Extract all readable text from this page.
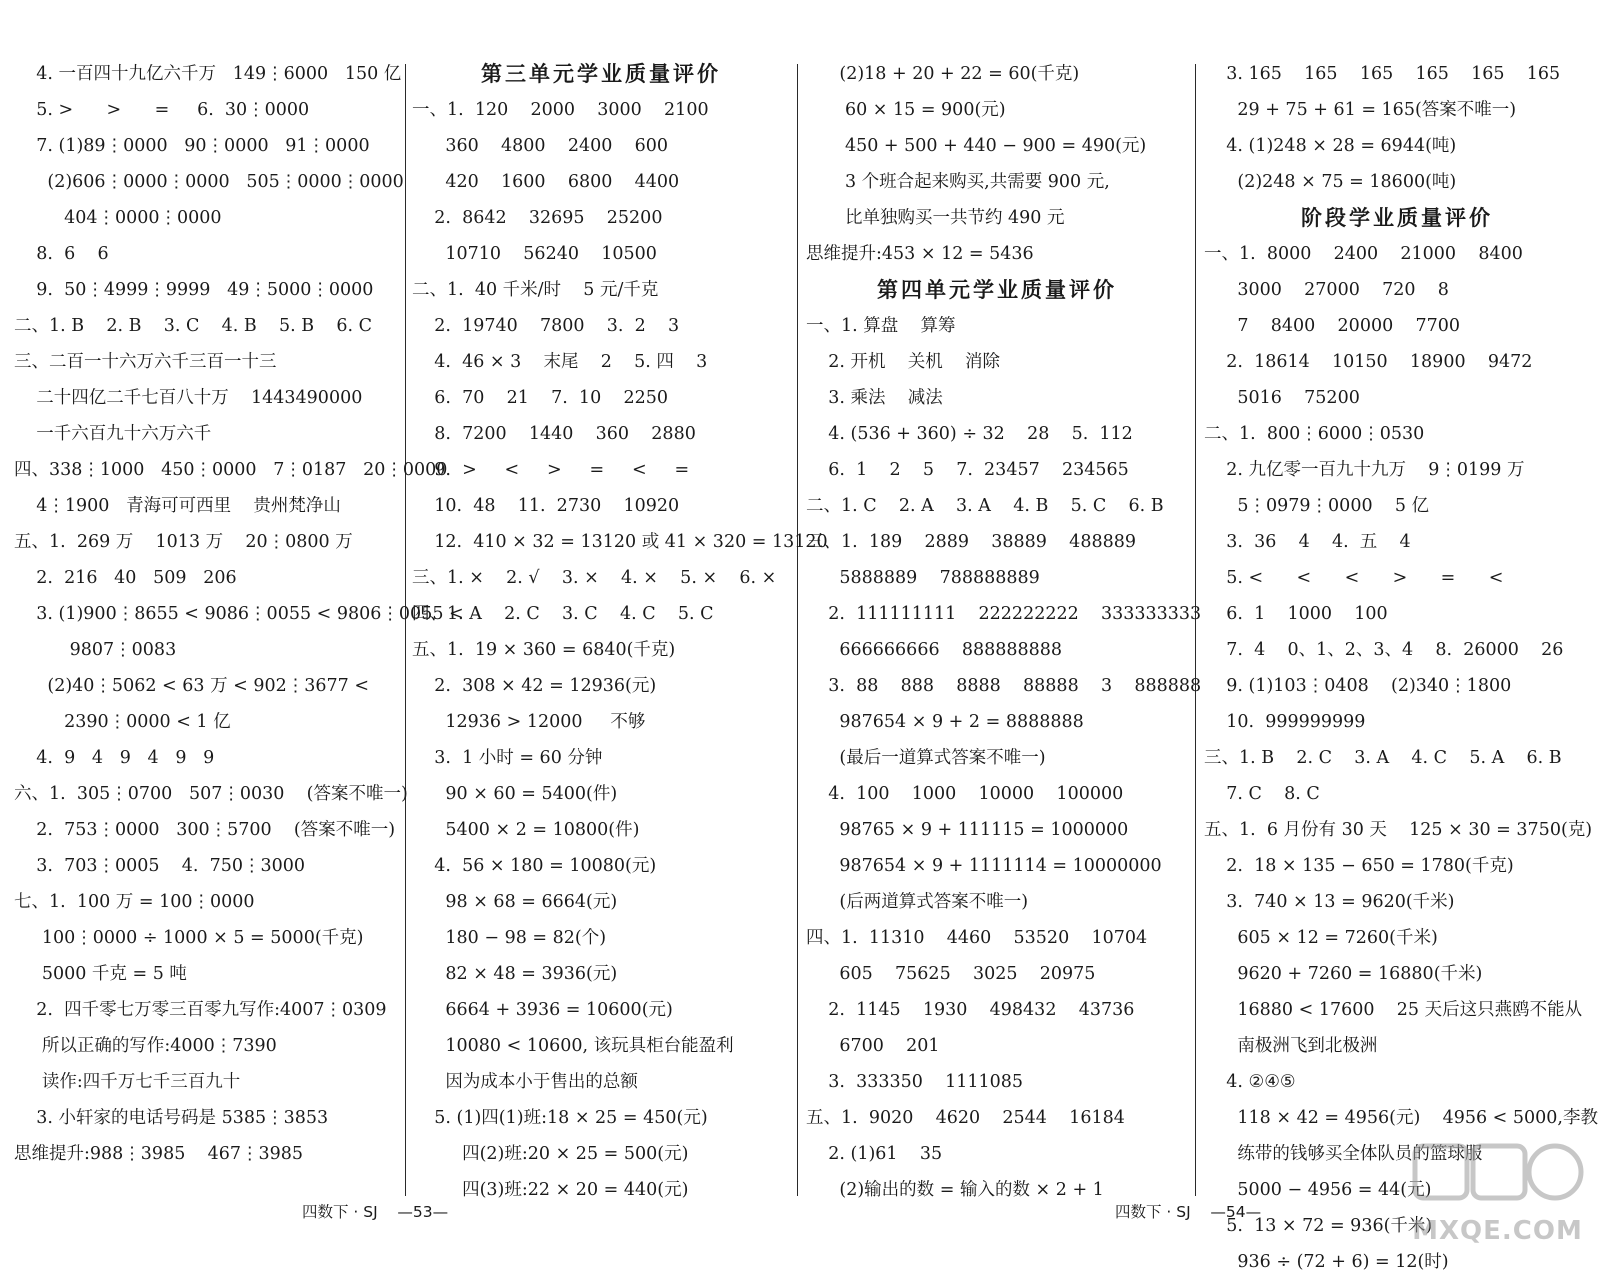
4. 一百四十九亿六千万   149⋮6000   150 亿
5. >      >      =     6.  30⋮0000
7. (1)89⋮0000   90⋮0000   91⋮0000
(2)606⋮0000⋮0000   505⋮0000⋮0000
404⋮0000⋮0000
8.  6    6
9.  50⋮4999⋮9999   49⋮5000⋮0000
二、1. B    2. B    3. C    4. B    5. B    6. C
三、二百一十六万六千三百一十三
二十四亿二千七百八十万    1443490000
一千六百九十六万六千
四、338⋮1000   450⋮0000   7⋮0187   20⋮0000
4⋮1900   青海可可西里    贵州梵净山
五、1.  269 万    1013 万    20⋮0800 万
2.  216   40   509   206
3. (1)900⋮8655 < 9086⋮0055 < 9806⋮0055 <
9807⋮0083
(2)40⋮5062 < 63 万 < 902⋮3677 <
2390⋮0000 < 1 亿
4.  9   4   9   4   9   9
六、1.  305⋮0700   507⋮0030    (答案不唯一)
2.  753⋮0000   300⋮5700    (答案不唯一)
3.  703⋮0005    4.  750⋮3000
七、1.  100 万 = 100⋮0000
100⋮0000 ÷ 1000 × 5 = 5000(千克)
5000 千克 = 5 吨
2.  四千零七万零三百零九写作:4007⋮0309
所以正确的写作:4000⋮7390
读作:四千万七千三百九十
3. 小轩家的电话号码是 5385⋮3853
思维提升:988⋮3985    467⋮3985
第三单元学业质量评价
一、1.  120    2000    3000    2100
360    4800    2400    600
420    1600    6800    4400
2.  8642    32695    25200
10710    56240    10500
二、1.  40 千米/时    5 元/千克
2.  19740    7800    3.  2    3
4.  46 × 3    末尾    2    5. 四    3
6.  70    21    7.  10    2250
8.  7200    1440    360    2880
9.  >     <     >     =     <     =
10.  48    11.  2730    10920
12.  410 × 32 = 13120 或 41 × 320 = 13120
三、1. ×    2. √    3. ×    4. ×    5. ×    6. ×
四、1. A    2. C    3. C    4. C    5. C
五、1.  19 × 360 = 6840(千克)
2.  308 × 42 = 12936(元)
12936 > 12000     不够
3.  1 小时 = 60 分钟
90 × 60 = 5400(件)
5400 × 2 = 10800(件)
4.  56 × 180 = 10080(元)
98 × 68 = 6664(元)
180 − 98 = 82(个)
82 × 48 = 3936(元)
6664 + 3936 = 10600(元)
10080 < 10600, 该玩具柜台能盈利
因为成本小于售出的总额
5. (1)四(1)班:18 × 25 = 450(元)
四(2)班:20 × 25 = 500(元)
四(3)班:22 × 20 = 440(元)
(2)18 + 20 + 22 = 60(千克)
60 × 15 = 900(元)
450 + 500 + 440 − 900 = 490(元)
3 个班合起来购买,共需要 900 元,
比单独购买一共节约 490 元
思维提升:453 × 12 = 5436
第四单元学业质量评价
一、1. 算盘    算筹
2. 开机    关机    消除
3. 乘法    减法
4. (536 + 360) ÷ 32    28    5.  112
6.  1    2    5    7.  23457    234565
二、1. C    2. A    3. A    4. B    5. C    6. B
三、1.  189    2889    38889    488889
5888889    788888889
2.  111111111    222222222    333333333
666666666    888888888
3.  88    888    8888    88888    3    888888
987654 × 9 + 2 = 8888888
(最后一道算式答案不唯一)
4.  100    1000    10000    100000
98765 × 9 + 111115 = 1000000
987654 × 9 + 1111114 = 10000000
(后两道算式答案不唯一)
四、1.  11310    4460    53520    10704
605    75625    3025    20975
2.  1145    1930    498432    43736
6700    201
3.  333350    1111085
五、1.  9020    4620    2544    16184
2. (1)61    35
(2)输出的数 = 输入的数 × 2 + 1
3. 165    165    165    165    165    165
29 + 75 + 61 = 165(答案不唯一)
4. (1)248 × 28 = 6944(吨)
(2)248 × 75 = 18600(吨)
阶段学业质量评价
一、1.  8000    2400    21000    8400
3000    27000    720    8
7    8400    20000    7700
2.  18614    10150    18900    9472
5016    75200
二、1.  800⋮6000⋮0530
2. 九亿零一百九十九万    9⋮0199 万
5⋮0979⋮0000    5 亿
3.  36    4    4.  五    4
5. <      <      <      >      =      <
6.  1    1000    100
7.  4    0、1、2、3、4    8.  26000    26
9. (1)103⋮0408    (2)340⋮1800
10.  999999999
三、1. B    2. C    3. A    4. C    5. A    6. B
7. C    8. C
五、1.  6 月份有 30 天    125 × 30 = 3750(克)
2.  18 × 135 − 650 = 1780(千克)
3.  740 × 13 = 9620(千米)
605 × 12 = 7260(千米)
9620 + 7260 = 16880(千米)
16880 < 17600    25 天后这只燕鸥不能从
南极洲飞到北极洲
4. ②④⑤
118 × 42 = 4956(元)    4956 < 5000,李教
练带的钱够买全体队员的篮球服
5000 − 4956 = 44(元)
5.  13 × 72 = 936(千米)
936 ÷ (72 + 6) = 12(时)
四数下 · SJ    —53—	四数下 · SJ    —54—
MXQE.COM
